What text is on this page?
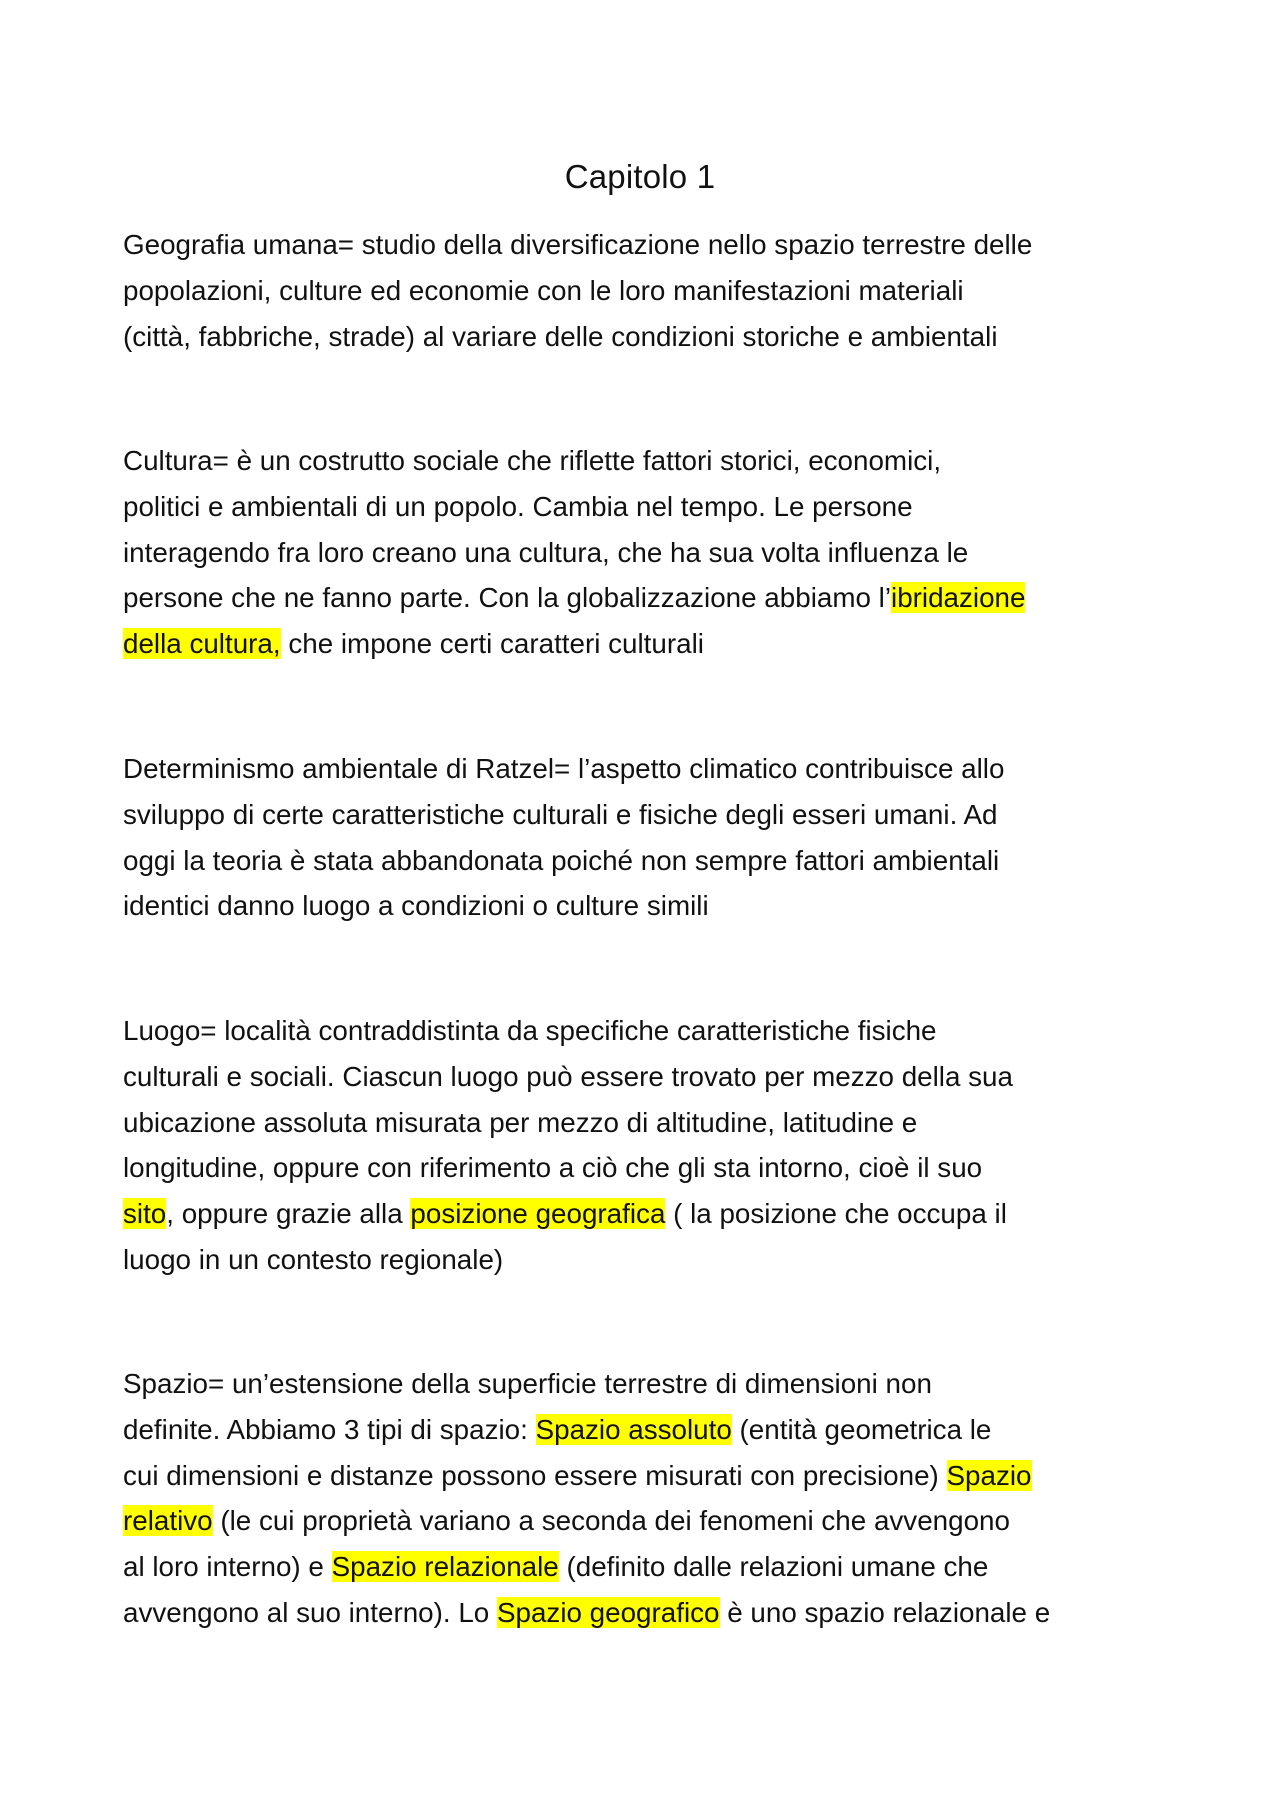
Capitolo 1
Geografia umana= studio della diversificazione nello spazio terrestre delle
popolazioni, culture ed economie con le loro manifestazioni materiali
(città, fabbriche, strade) al variare delle condizioni storiche e ambientali
Cultura= è un costrutto sociale che riflette fattori storici, economici,
politici e ambientali di un popolo. Cambia nel tempo. Le persone
interagendo fra loro creano una cultura, che ha sua volta influenza le
persone che ne fanno parte. Con la globalizzazione abbiamo l’ibridazione
della cultura, che impone certi caratteri culturali
Determinismo ambientale di Ratzel= l’aspetto climatico contribuisce allo
sviluppo di certe caratteristiche culturali e fisiche degli esseri umani. Ad
oggi la teoria è stata abbandonata poiché non sempre fattori ambientali
identici danno luogo a condizioni o culture simili
Luogo= località contraddistinta da specifiche caratteristiche fisiche
culturali e sociali. Ciascun luogo può essere trovato per mezzo della sua
ubicazione assoluta misurata per mezzo di altitudine, latitudine e
longitudine, oppure con riferimento a ciò che gli sta intorno, cioè il suo
sito, oppure grazie alla posizione geografica ( la posizione che occupa il
luogo in un contesto regionale)
Spazio= un’estensione della superficie terrestre di dimensioni non
definite. Abbiamo 3 tipi di spazio: Spazio assoluto (entità geometrica le
cui dimensioni e distanze possono essere misurati con precisione) Spazio
relativo (le cui proprietà variano a seconda dei fenomeni che avvengono
al loro interno) e Spazio relazionale (definito dalle relazioni umane che
avvengono al suo interno). Lo Spazio geografico è uno spazio relazionale e
